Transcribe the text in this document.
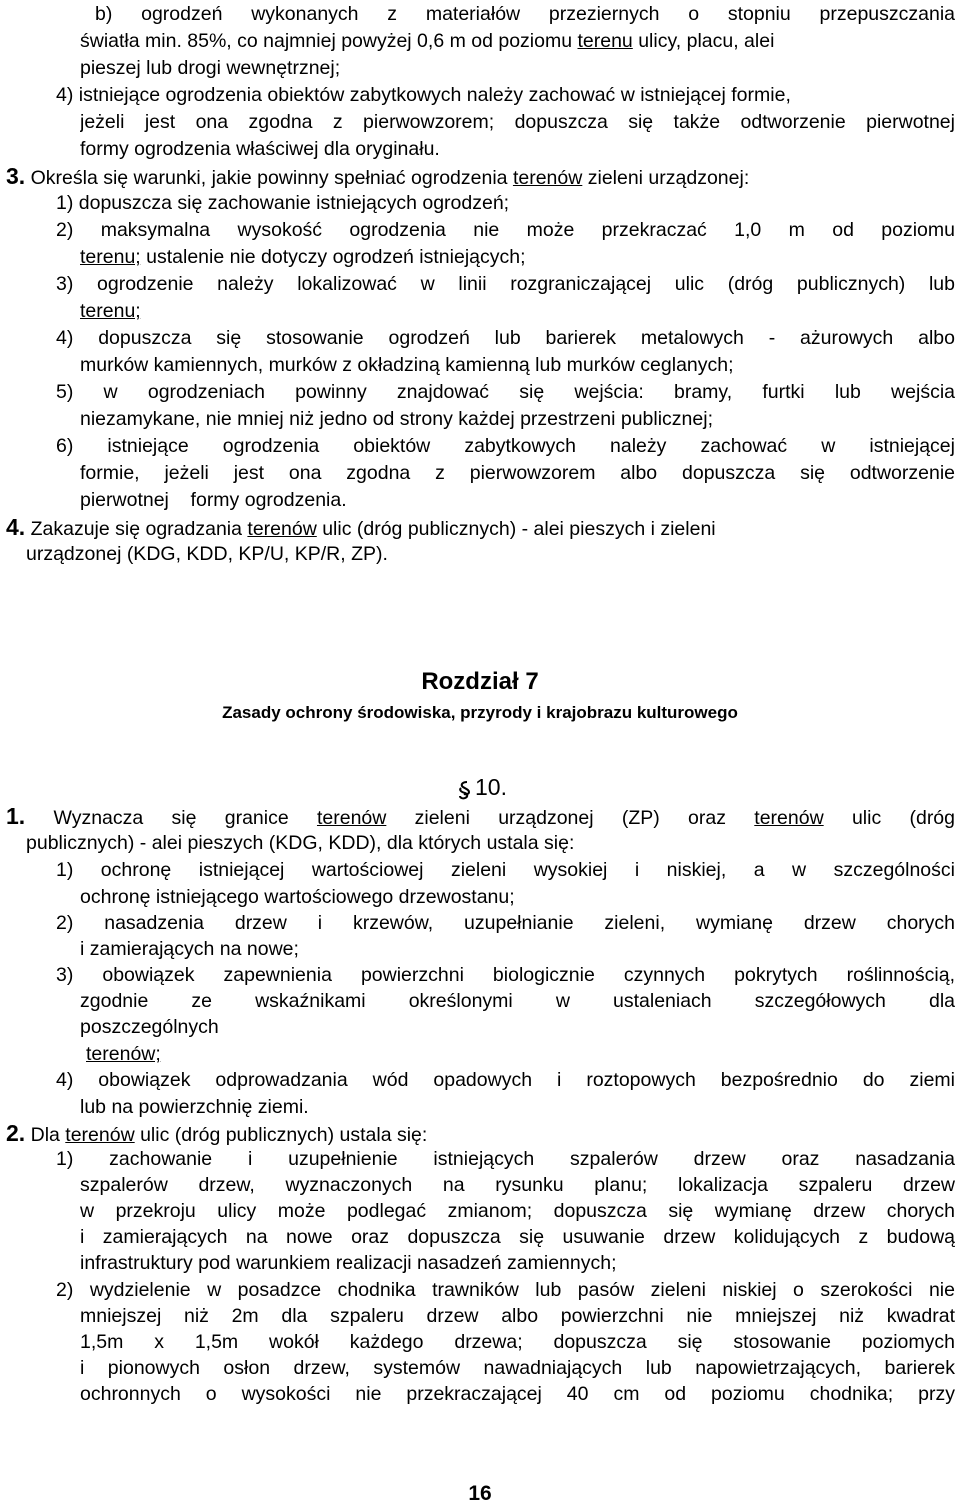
b) ogrodzeń wykonanych z materiałów przeziernych o stopniu przepuszczania
światła min. 85%, co najmniej powyżej 0,6 m od poziomu terenu ulicy, placu, alei
pieszej lub drogi wewnętrznej;
4) istniejące ogrodzenia obiektów zabytkowych należy zachować w istniejącej formie,
jeżeli jest ona zgodna z pierwowzorem; dopuszcza się także odtworzenie pierwotnej
formy ogrodzenia właściwej dla oryginału.
3. Określa się warunki, jakie powinny spełniać ogrodzenia terenów zieleni urządzonej:
1) dopuszcza się zachowanie istniejących ogrodzeń;
2) maksymalna wysokość ogrodzenia nie może przekraczać 1,0 m od poziomu
terenu; ustalenie nie dotyczy ogrodzeń istniejących;
3) ogrodzenie należy lokalizować w linii rozgraniczającej ulic (dróg publicznych) lub
terenu;
4) dopuszcza się stosowanie ogrodzeń lub barierek metalowych - ażurowych albo
murków kamiennych, murków z okładziną kamienną lub murków ceglanych;
5) w ogrodzeniach powinny znajdować się wejścia: bramy, furtki lub wejścia
niezamykane, nie mniej niż jedno od strony każdej przestrzeni publicznej;
6) istniejące ogrodzenia obiektów zabytkowych należy zachować w istniejącej
formie, jeżeli jest ona zgodna z pierwowzorem albo dopuszcza się odtworzenie
pierwotnej    formy ogrodzenia.
4. Zakazuje się ogradzania terenów ulic (dróg publicznych) - alei pieszych i zieleni
urządzonej (KDG, KDD, KP/U, KP/R, ZP).
Rozdział 7
Zasady ochrony środowiska, przyrody i krajobrazu kulturowego
10.
1. Wyznacza się granice terenów zieleni urządzonej (ZP) oraz terenów ulic (dróg
publicznych) - alei pieszych (KDG, KDD), dla których ustala się:
1) ochronę istniejącej wartościowej zieleni wysokiej i niskiej, a w szczególności
ochronę istniejącego wartościowego drzewostanu;
2) nasadzenia drzew i krzewów, uzupełnianie zieleni, wymianę drzew chorych
i zamierających na nowe;
3) obowiązek zapewnienia powierzchni biologicznie czynnych pokrytych roślinnością,
zgodnie ze wskaźnikami określonymi w ustaleniach szczegółowych dla
poszczególnych
terenów;
4) obowiązek odprowadzania wód opadowych i roztopowych bezpośrednio do ziemi
lub na powierzchnię ziemi.
2. Dla terenów ulic (dróg publicznych) ustala się:
1) zachowanie i uzupełnienie istniejących szpalerów drzew oraz nasadzania
szpalerów drzew, wyznaczonych na rysunku planu; lokalizacja szpaleru drzew
w przekroju ulicy może podlegać zmianom; dopuszcza się wymianę drzew chorych
i zamierających na nowe oraz dopuszcza się usuwanie drzew kolidujących z budową
infrastruktury pod warunkiem realizacji nasadzeń zamiennych;
2) wydzielenie w posadzce chodnika trawników lub pasów zieleni niskiej o szerokości nie
mniejszej niż 2m dla szpaleru drzew albo powierzchni nie mniejszej niż kwadrat
1,5m x 1,5m wokół każdego drzewa; dopuszcza się stosowanie poziomych
i pionowych osłon drzew, systemów nawadniających lub napowietrzających, barierek
ochronnych o wysokości nie przekraczającej 40 cm od poziomu chodnika; przy
16
